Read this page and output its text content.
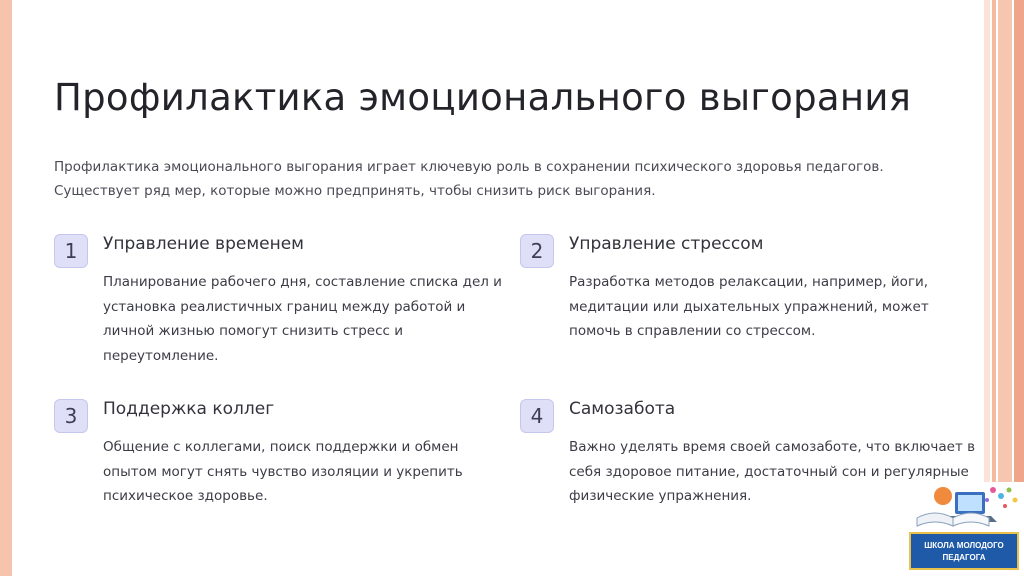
Профилактика эмоционального выгорания

Профилактика эмоционального выгорания играет ключевую роль в сохранении психического здоровья педагогов. Существует ряд мер, которые можно предпринять, чтобы снизить риск выгорания.

1	Управление временем

Планирование рабочего дня, составление списка дел и установка реалистичных границ между работой и личной жизнью помогут снизить стресс и переутомление.

2	Управление стрессом

Разработка методов релаксации, например, йоги, медитации или дыхательных упражнений, может помочь в справлении со стрессом.

3	Поддержка коллег

Общение с коллегами, поиск поддержки и обмен опытом могут снять чувство изоляции и укрепить психическое здоровье.

4	Самозабота

Важно уделять время своей самозаботе, что включает в себя здоровое питание, достаточный сон и регулярные физические упражнения.

ШКОЛА МОЛОДОГО
ПЕДАГОГА
